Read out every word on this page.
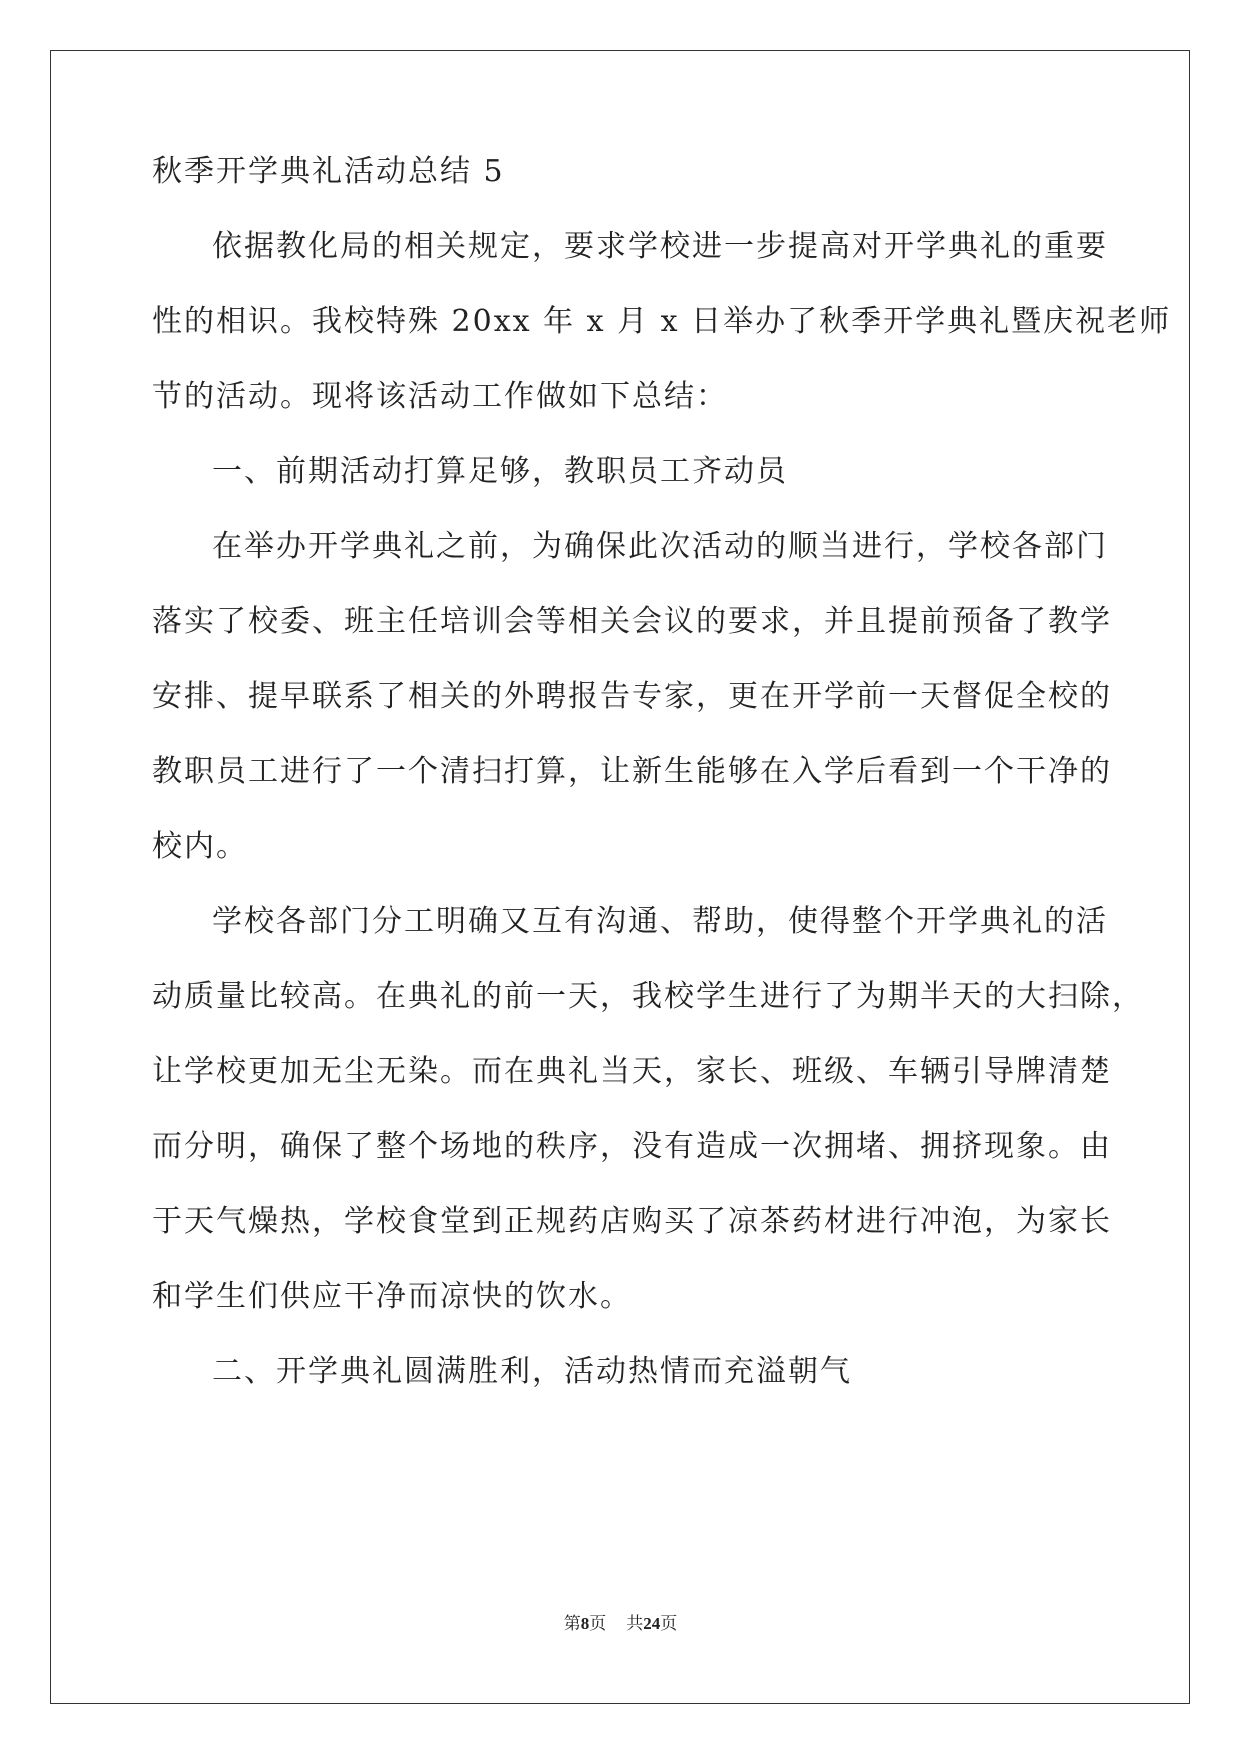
秋季开学典礼活动总结 5

依据教化局的相关规定，要求学校进一步提高对开学典礼的重要

性的相识。我校特殊 20xx 年 x 月 x 日举办了秋季开学典礼暨庆祝老师

节的活动。现将该活动工作做如下总结：

一、前期活动打算足够，教职员工齐动员

在举办开学典礼之前，为确保此次活动的顺当进行，学校各部门

落实了校委、班主任培训会等相关会议的要求，并且提前预备了教学

安排、提早联系了相关的外聘报告专家，更在开学前一天督促全校的

教职员工进行了一个清扫打算，让新生能够在入学后看到一个干净的

校内。

学校各部门分工明确又互有沟通、帮助，使得整个开学典礼的活

动质量比较高。在典礼的前一天，我校学生进行了为期半天的大扫除，

让学校更加无尘无染。而在典礼当天，家长、班级、车辆引导牌清楚

而分明，确保了整个场地的秩序，没有造成一次拥堵、拥挤现象。由

于天气燥热，学校食堂到正规药店购买了凉茶药材进行冲泡，为家长

和学生们供应干净而凉快的饮水。

二、开学典礼圆满胜利，活动热情而充溢朝气

第8页 共24页
